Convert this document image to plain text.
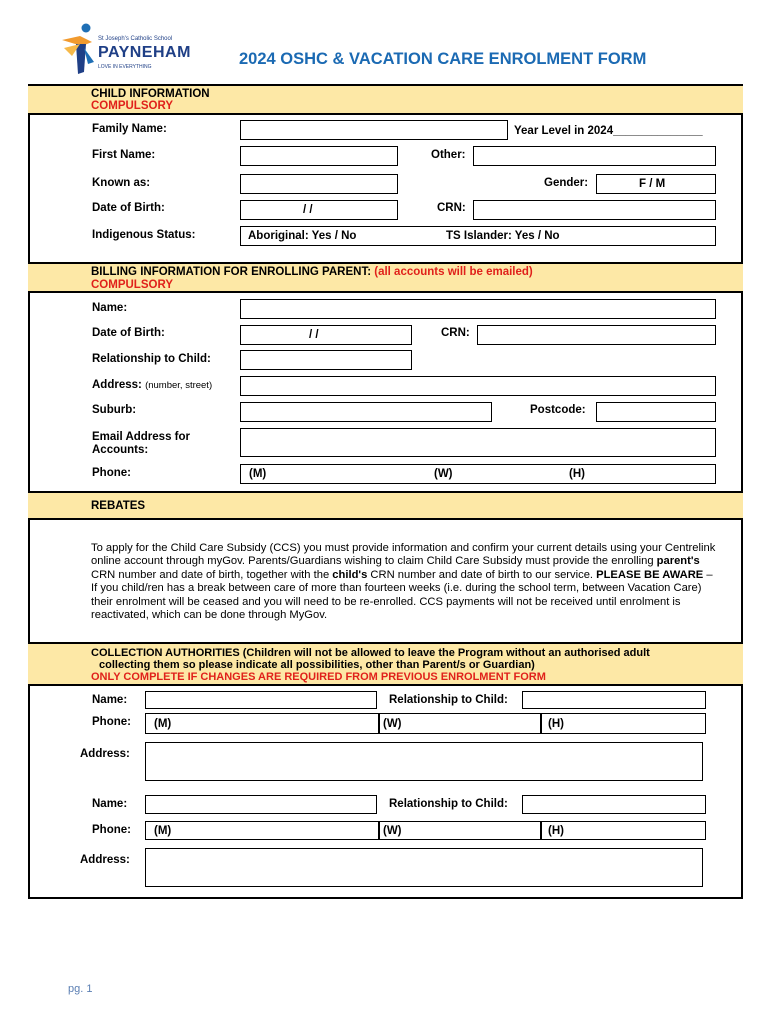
St Joseph's Catholic School
PAYNEHAM
LOVE IN EVERYTHING	2024 OSHC & VACATION CARE ENROLMENT FORM
CHILD INFORMATION
COMPULSORY
Family Name:	Year Level in 2024______________
First Name:	Other:
Known as:	Gender:	F / M
Date of Birth:	/ /	CRN:
Indigenous Status:	Aboriginal: Yes / No	TS Islander: Yes / No
BILLING INFORMATION FOR ENROLLING PARENT: (all accounts will be emailed)
COMPULSORY
Name:
Date of Birth:	/ /	CRN:
Relationship to Child:
Address: (number, street)
Suburb:	Postcode:
Email Address for
Accounts:
Phone:	(M)	(W)	(H)
REBATES
To apply for the Child Care Subsidy (CCS) you must provide information and confirm your current details using your Centrelink online account through myGov. Parents/Guardians wishing to claim Child Care Subsidy must provide the enrolling parent's CRN number and date of birth, together with the child's CRN number and date of birth to our service. PLEASE BE AWARE – If you child/ren has a break between care of more than fourteen weeks (i.e. during the school term, between Vacation Care) their enrolment will be ceased and you will need to be re-enrolled. CCS payments will not be received until enrolment is reactivated, which can be done through MyGov.
COLLECTION AUTHORITIES (Children will not be allowed to leave the Program without an authorised adult
collecting them so please indicate all possibilities, other than Parent/s or Guardian)
ONLY COMPLETE IF CHANGES ARE REQUIRED FROM PREVIOUS ENROLMENT FORM
Name:	Relationship to Child:
Phone: (M)	(W)	(H)
Address:
Name:	Relationship to Child:
Phone: (M)	(W)	(H)
Address:
pg. 1
